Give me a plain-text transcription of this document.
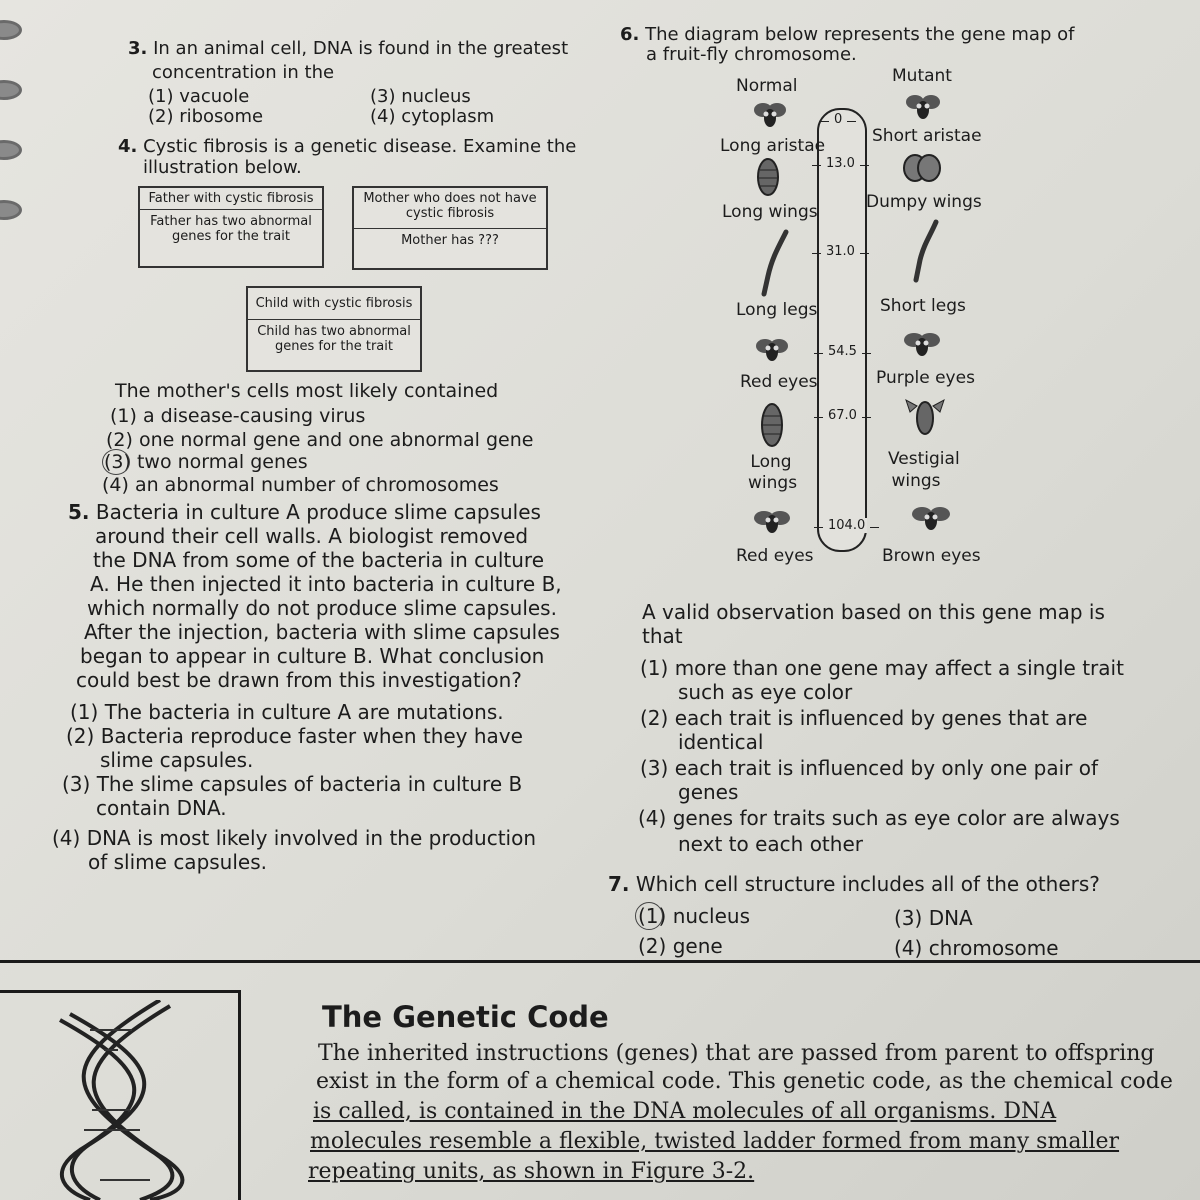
3. In an animal cell, DNA is found in the greatest
concentration in the
(1) vacuole
(2) ribosome
(3) nucleus
(4) cytoplasm
4. Cystic fibrosis is a genetic disease. Examine the
illustration below.
Father with cystic fibrosis
Father has two abnormal genes for the trait
Mother who does not have cystic fibrosis
Mother has ???
Child with cystic fibrosis
Child has two abnormal genes for the trait
The mother's cells most likely contained
(1) a disease-causing virus
(2) one normal gene and one abnormal gene
(3) two normal genes
(4) an abnormal number of chromosomes
5. Bacteria in culture A produce slime capsules
around their cell walls. A biologist removed
the DNA from some of the bacteria in culture
A. He then injected it into bacteria in culture B,
which normally do not produce slime capsules.
After the injection, bacteria with slime capsules
began to appear in culture B. What conclusion
could best be drawn from this investigation?
(1) The bacteria in culture A are mutations.
(2) Bacteria reproduce faster when they have
slime capsules.
(3) The slime capsules of bacteria in culture B
contain DNA.
(4) DNA is most likely involved in the production
of slime capsules.
6. The diagram below represents the gene map of
a fruit-fly chromosome.
Normal	Mutant
0
13.0
31.0
54.5
67.0
104.0
Long aristae
Long wings
Long legs
Red eyes
Long wings
Red eyes
Short aristae
Dumpy wings
Short legs
Purple eyes
Vestigial wings
Brown eyes
A valid observation based on this gene map is
that
(1) more than one gene may affect a single trait
such as eye color
(2) each trait is influenced by genes that are
identical
(3) each trait is influenced by only one pair of
genes
(4) genes for traits such as eye color are always
next to each other
7. Which cell structure includes all of the others?
(1) nucleus
(2) gene
(3) DNA
(4) chromosome
The Genetic Code
The inherited instructions (genes) that are passed from parent to offspring
exist in the form of a chemical code. This genetic code, as the chemical code
is called, is contained in the DNA molecules of all organisms. DNA
molecules resemble a flexible, twisted ladder formed from many smaller
repeating units, as shown in Figure 3-2.
